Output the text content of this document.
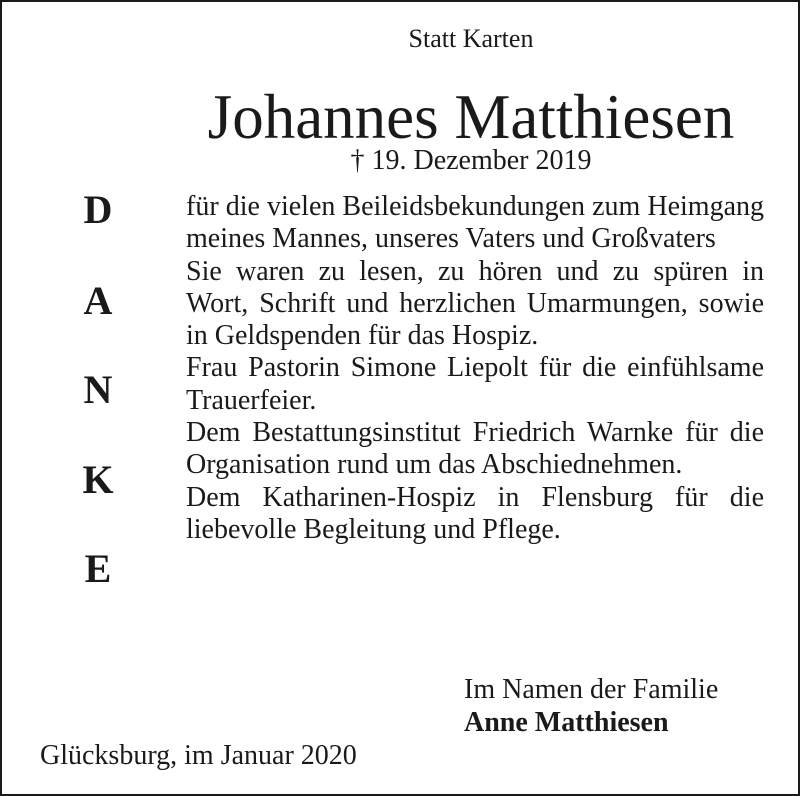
Statt Karten
Johannes Matthiesen
† 19. Dezember 2019
D
A
N
K
E

für die vielen Beileidsbekundungen zum Heimgang meines Mannes, unseres Vaters und Großvaters

Sie waren zu lesen, zu hören und zu spüren in Wort, Schrift und herzlichen Umarmungen, sowie in Geldspenden für das Hospiz.

Frau Pastorin Simone Liepolt für die einfühlsame Trauerfeier.

Dem Bestattungsinstitut Friedrich Warnke für die Organisation rund um das Abschiednehmen.

Dem Katharinen-Hospiz in Flensburg für die liebevolle Begleitung und Pflege.

Im Namen der Familie
Anne Matthiesen
Glücksburg, im Januar 2020
